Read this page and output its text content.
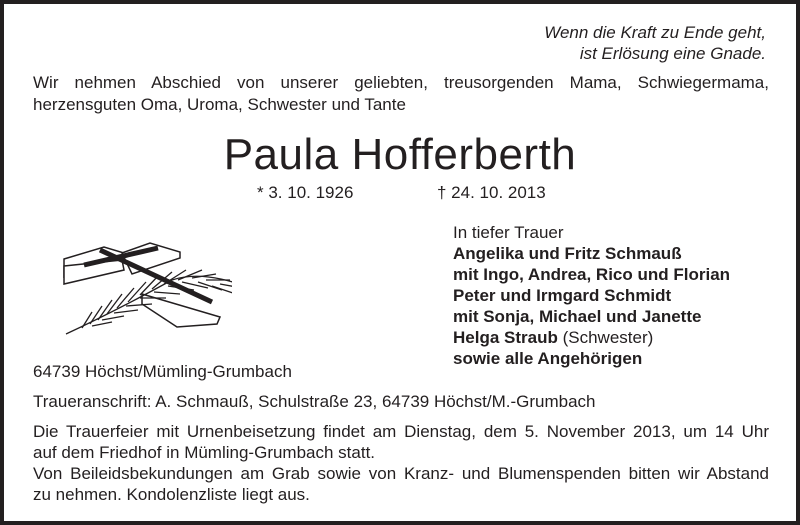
Wenn die Kraft zu Ende geht,
ist Erlösung eine Gnade.
Wir nehmen Abschied von unserer geliebten, treusorgenden Mama, Schwiegermama,
herzensguten Oma, Uroma, Schwester und Tante
Paula Hofferberth
* 3. 10. 1926	† 24. 10. 2013
In tiefer Trauer
Angelika und Fritz Schmauß
mit Ingo, Andrea, Rico und Florian
Peter und Irmgard Schmidt
mit Sonja, Michael und Janette
Helga Straub (Schwester)
sowie alle Angehörigen
64739 Höchst/Mümling-Grumbach
Traueranschrift: A. Schmauß, Schulstraße 23, 64739 Höchst/M.-Grumbach
Die Trauerfeier mit Urnenbeisetzung findet am Dienstag, dem 5. November 2013, um 14 Uhr
auf dem Friedhof in Mümling-Grumbach statt.
Von Beileidsbekundungen am Grab sowie von Kranz- und Blumenspenden bitten wir Abstand
zu nehmen. Kondolenzliste liegt aus.
